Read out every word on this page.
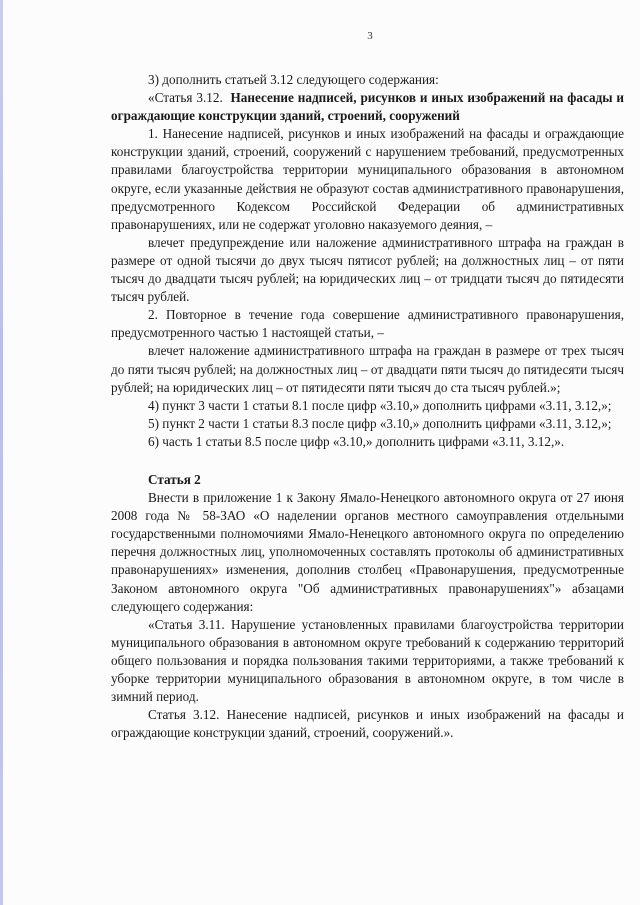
3

3) дополнить статьей 3.12 следующего содержания:

«Статья 3.12. Нанесение надписей, рисунков и иных изображений на фасады и ограждающие конструкции зданий, строений, сооружений

1. Нанесение надписей, рисунков и иных изображений на фасады и ограждающие конструкции зданий, строений, сооружений с нарушением требований, предусмотренных правилами благоустройства территории муниципального образования в автономном округе, если указанные действия не образуют состав административного правонарушения, предусмотренного Кодексом Российской Федерации об административных правонарушениях, или не содержат уголовно наказуемого деяния, –

влечет предупреждение или наложение административного штрафа на граждан в размере от одной тысячи до двух тысяч пятисот рублей; на должностных лиц – от пяти тысяч до двадцати тысяч рублей; на юридических лиц – от тридцати тысяч до пятидесяти тысяч рублей.

2. Повторное в течение года совершение административного правонарушения, предусмотренного частью 1 настоящей статьи, –

влечет наложение административного штрафа на граждан в размере от трех тысяч до пяти тысяч рублей; на должностных лиц – от двадцати пяти тысяч до пятидесяти тысяч рублей; на юридических лиц – от пятидесяти пяти тысяч до ста тысяч рублей.»;

4) пункт 3 части 1 статьи 8.1 после цифр «3.10,» дополнить цифрами «3.11, 3.12,»;

5) пункт 2 части 1 статьи 8.3 после цифр «3.10,» дополнить цифрами «3.11, 3.12,»;

6) часть 1 статьи 8.5 после цифр «3.10,» дополнить цифрами «3.11, 3.12,».

Статья 2

Внести в приложение 1 к Закону Ямало-Ненецкого автономного округа от 27 июня 2008 года № 58-ЗАО «О наделении органов местного самоуправления отдельными государственными полномочиями Ямало-Ненецкого автономного округа по определению перечня должностных лиц, уполномоченных составлять протоколы об административных правонарушениях» изменения, дополнив столбец «Правонарушения, предусмотренные Законом автономного округа "Об административных правонарушениях"» абзацами следующего содержания:

«Статья 3.11. Нарушение установленных правилами благоустройства территории муниципального образования в автономном округе требований к содержанию территорий общего пользования и порядка пользования такими территориями, а также требований к уборке территории муниципального образования в автономном округе, в том числе в зимний период.

Статья 3.12. Нанесение надписей, рисунков и иных изображений на фасады и ограждающие конструкции зданий, строений, сооружений.».
